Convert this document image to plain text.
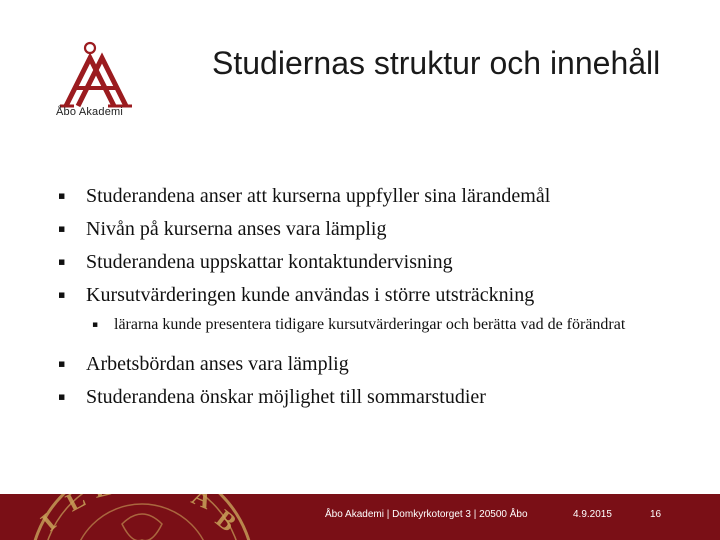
Åbo Akademi
Studiernas struktur och innehåll
▪ Studerandena anser att kurserna uppfyller sina lärandemål
▪ Nivån på kurserna anses vara lämplig
▪ Studerandena uppskattar kontaktundervisning
▪ Kursutvärderingen kunde användas i större utsträckning
▪ lärarna kunde presentera tidigare kursutvärderingar och berätta vad de förändrat
▪ Arbetsbördan anses vara lämplig
▪ Studerandena önskar möjlighet till sommarstudier
I
L L	Å
B	Åbo Akademi | Domkyrkotorget 3 | 20500 Åbo	4.9.2015	16
